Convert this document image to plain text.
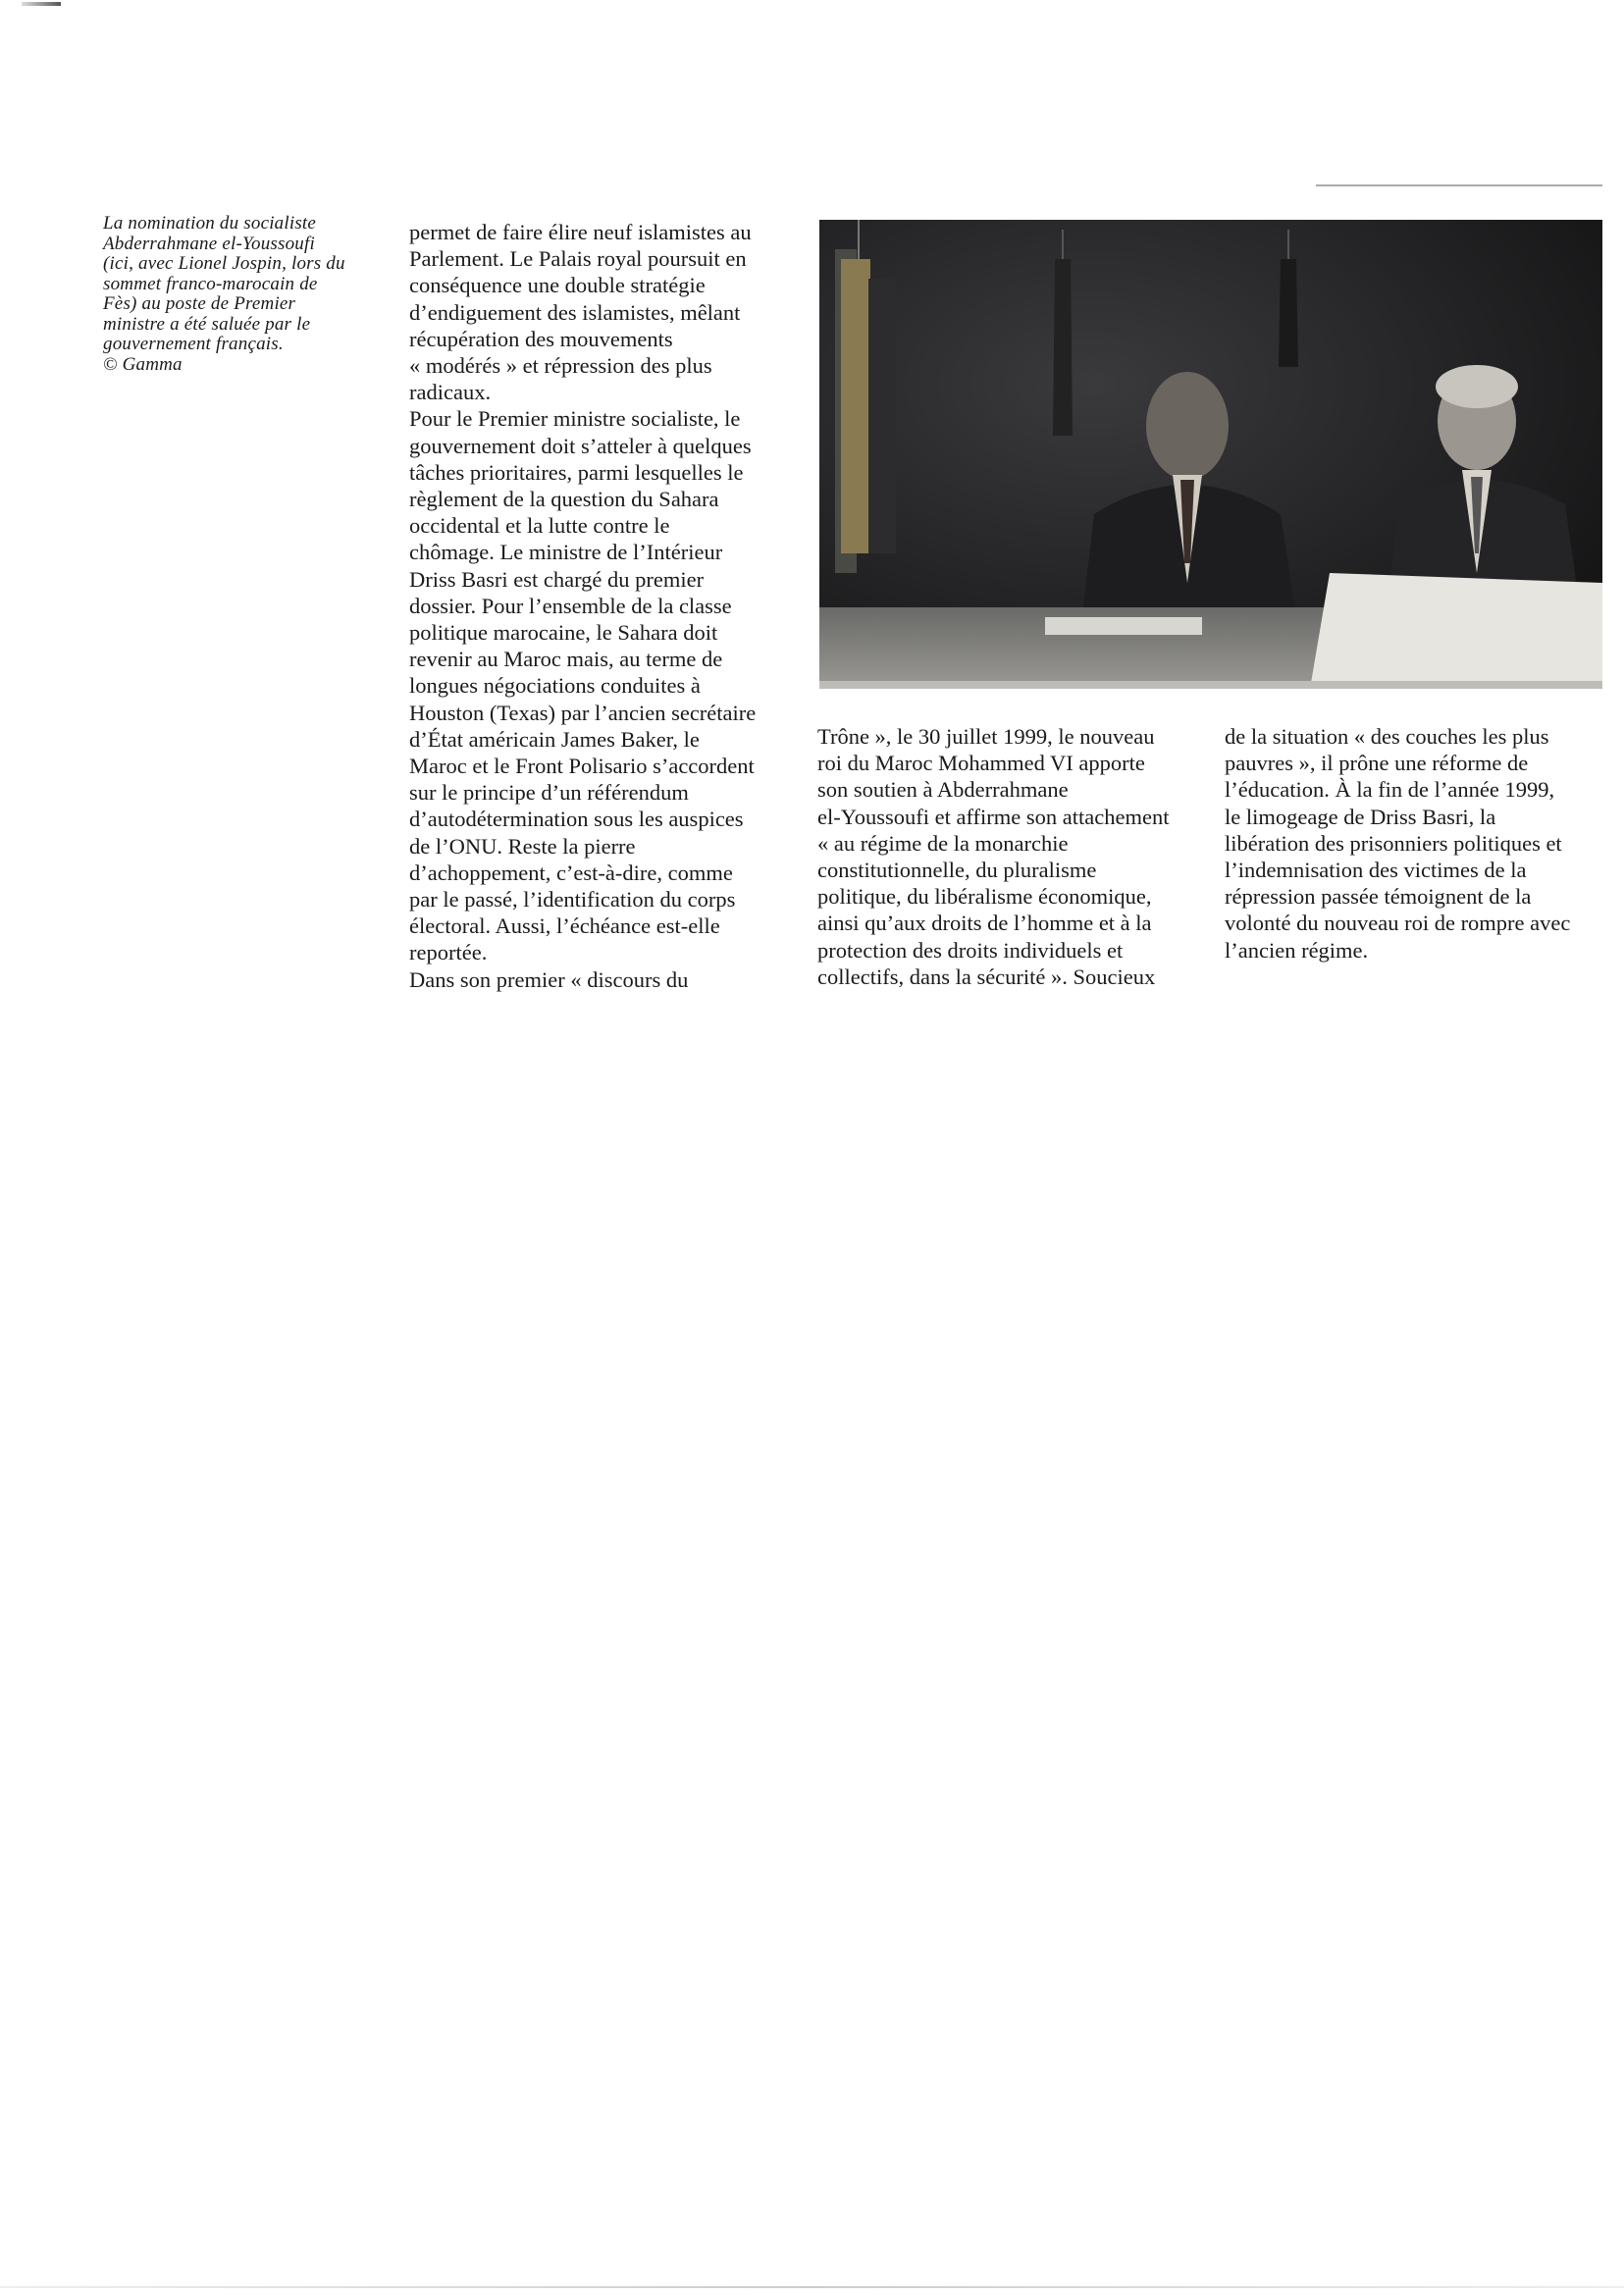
La nomination du socialiste
Abderrahmane el-Youssoufi
(ici, avec Lionel Jospin, lors du
sommet franco-marocain de
Fès) au poste de Premier
ministre a été saluée par le
gouvernement français.
© Gamma
permet de faire élire neuf islamistes au
Parlement. Le Palais royal poursuit en
conséquence une double stratégie
d’endiguement des islamistes, mêlant
récupération des mouvements
« modérés » et répression des plus
radicaux.
Pour le Premier ministre socialiste, le
gouvernement doit s’atteler à quelques
tâches prioritaires, parmi lesquelles le
règlement de la question du Sahara
occidental et la lutte contre le
chômage. Le ministre de l’Intérieur
Driss Basri est chargé du premier
dossier. Pour l’ensemble de la classe
politique marocaine, le Sahara doit
revenir au Maroc mais, au terme de
longues négociations conduites à
Houston (Texas) par l’ancien secrétaire
d’État américain James Baker, le
Maroc et le Front Polisario s’accordent
sur le principe d’un référendum
d’autodétermination sous les auspices
de l’ONU. Reste la pierre
d’achoppement, c’est-à-dire, comme
par le passé, l’identification du corps
électoral. Aussi, l’échéance est-elle
reportée.
Dans son premier « discours du
Trône », le 30 juillet 1999, le nouveau
roi du Maroc Mohammed VI apporte
son soutien à Abderrahmane
el-Youssoufi et affirme son attachement
« au régime de la monarchie
constitutionnelle, du pluralisme
politique, du libéralisme économique,
ainsi qu’aux droits de l’homme et à la
protection des droits individuels et
collectifs, dans la sécurité ». Soucieux
de la situation « des couches les plus
pauvres », il prône une réforme de
l’éducation. À la fin de l’année 1999,
le limogeage de Driss Basri, la
libération des prisonniers politiques et
l’indemnisation des victimes de la
répression passée témoignent de la
volonté du nouveau roi de rompre avec
l’ancien régime.
